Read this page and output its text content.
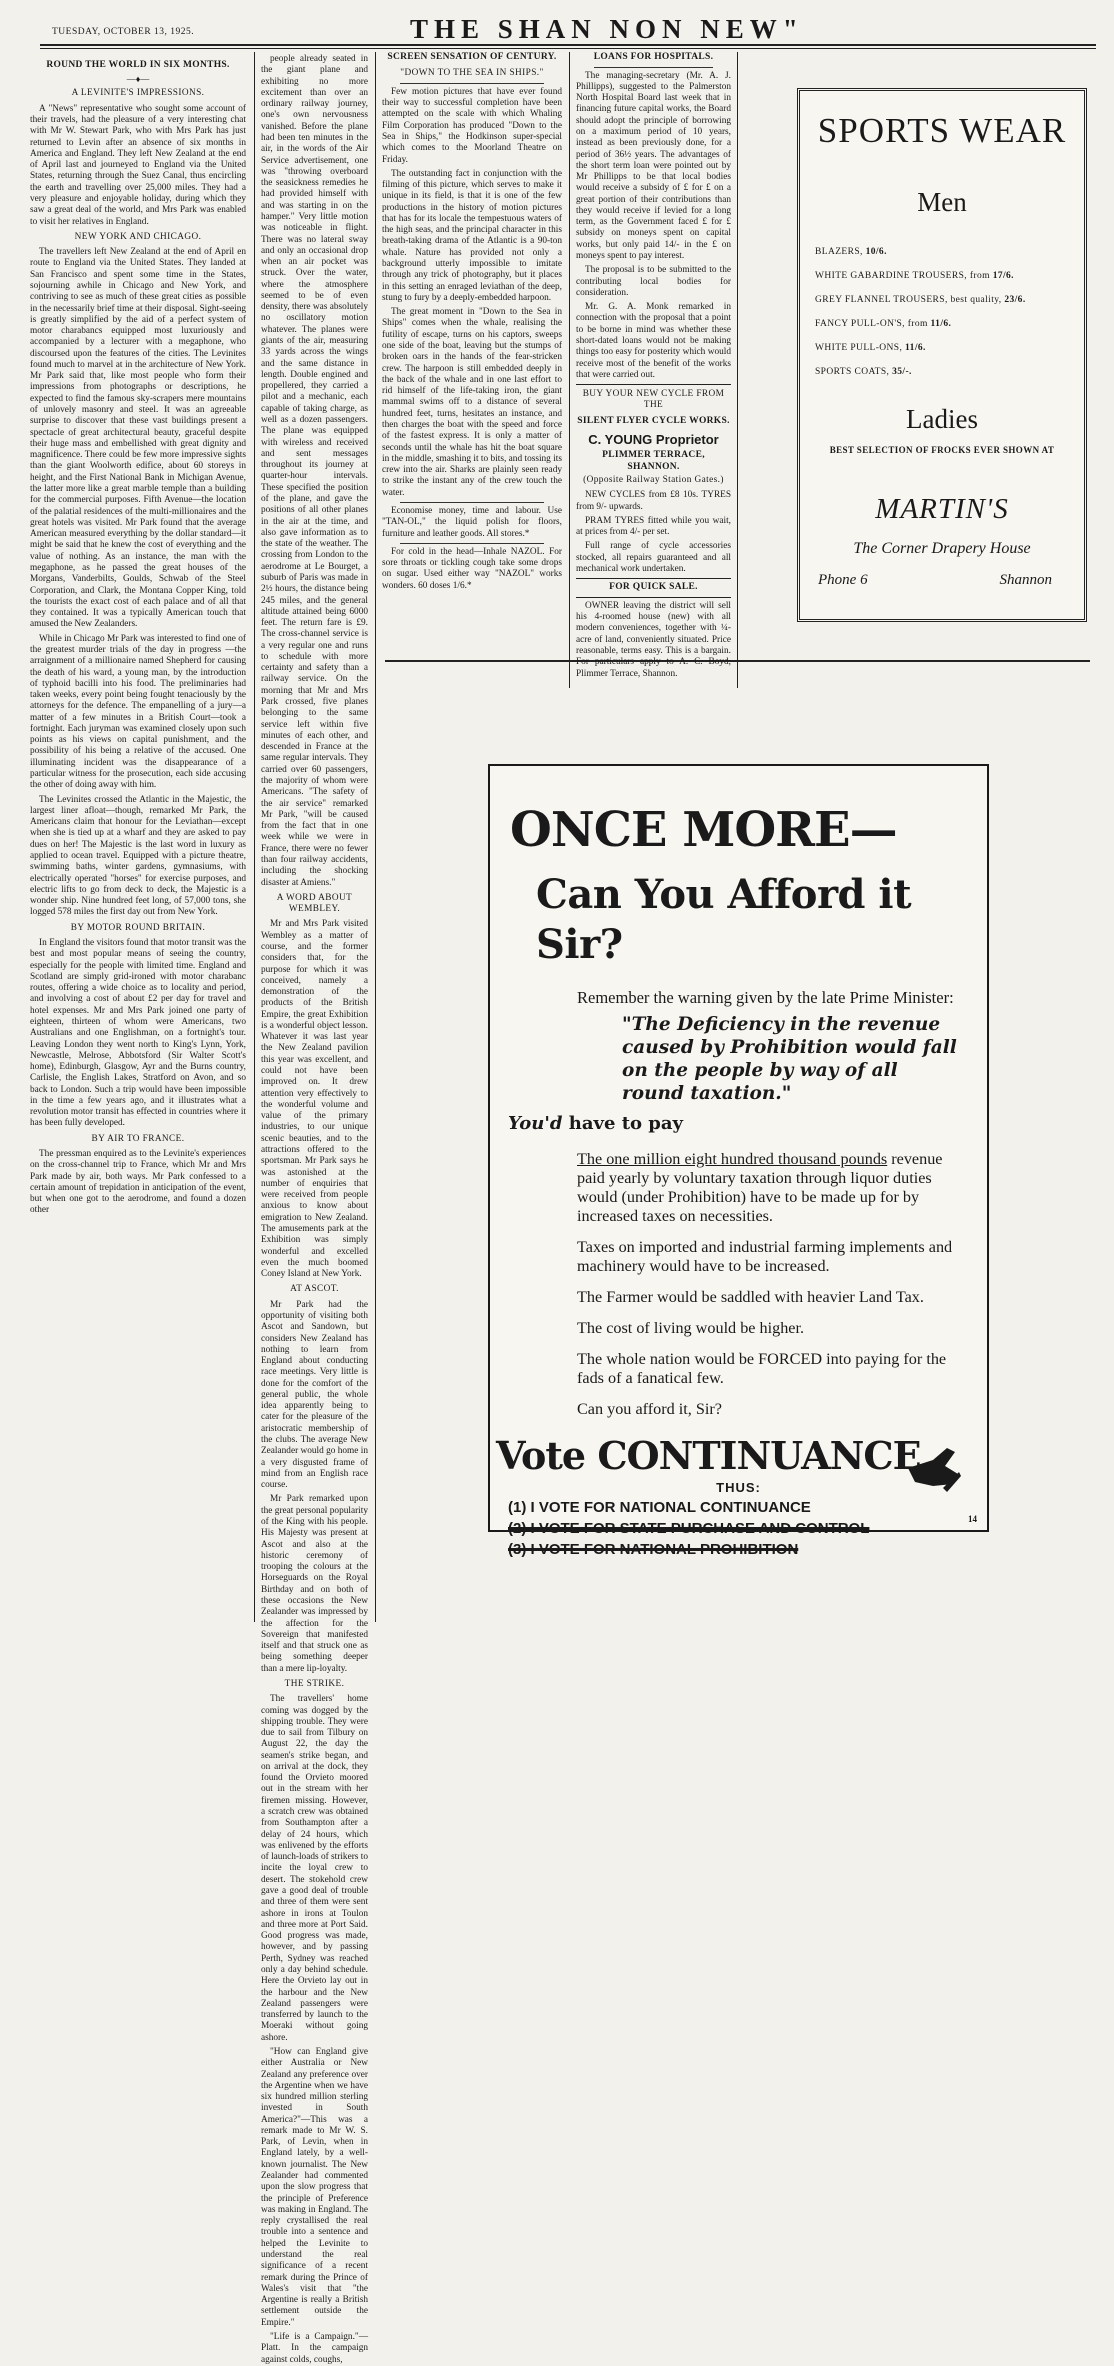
TUESDAY, OCTOBER 13, 1925.	THE SHAN NON NEW"
ROUND THE WORLD IN SIX MONTHS.
—♦—
A LEVINITE'S IMPRESSIONS.

A "News" representative who sought some account of their travels, had the pleasure of a very interesting chat with Mr W. Stewart Park, who with Mrs Park has just returned to Levin after an absence of six months in America and England. They left New Zealand at the end of April last and journeyed to England via the United States, returning through the Suez Canal, thus encircling the earth and travelling over 25,000 miles. They had a very pleasure and enjoyable holiday, during which they saw a great deal of the world, and Mrs Park was enabled to visit her relatives in England.

NEW YORK AND CHICAGO.

The travellers left New Zealand at the end of April en route to England via the United States. They landed at San Francisco and spent some time in the States, sojourning awhile in Chicago and New York, and contriving to see as much of these great cities as possible in the necessarily brief time at their disposal. Sight-seeing is greatly simplified by the aid of a perfect system of motor charabancs equipped most luxuriously and accompanied by a lecturer with a megaphone, who discoursed upon the features of the cities. The Levinites found much to marvel at in the architecture of New York. Mr Park said that, like most people who form their impressions from photographs or descriptions, he expected to find the famous sky-scrapers mere mountains of unlovely masonry and steel. It was an agreeable surprise to discover that these vast buildings present a spectacle of great architectural beauty, graceful despite their huge mass and embellished with great dignity and magnificence. There could be few more impressive sights than the giant Woolworth edifice, about 60 storeys in height, and the First National Bank in Michigan Avenue, the latter more like a great marble temple than a building for the commercial purposes. Fifth Avenue—the location of the palatial residences of the multi-millionaires and the great hotels was visited. Mr Park found that the average American measured everything by the dollar standard—it might be said that he knew the cost of everything and the value of nothing. As an instance, the man with the megaphone, as he passed the great houses of the Morgans, Vanderbilts, Goulds, Schwab of the Steel Corporation, and Clark, the Montana Copper King, told the tourists the exact cost of each palace and of all that they contained. It was a typically American touch that amused the New Zealanders.

While in Chicago Mr Park was interested to find one of the greatest murder trials of the day in progress —the arraignment of a millionaire named Shepherd for causing the death of his ward, a young man, by the introduction of typhoid bacilli into his food. The preliminaries had taken weeks, every point being fought tenaciously by the attorneys for the defence. The empanelling of a jury—a matter of a few minutes in a British Court—took a fortnight. Each juryman was examined closely upon such points as his views on capital punishment, and the possibility of his being a relative of the accused. One illuminating incident was the disappearance of a particular witness for the prosecution, each side accusing the other of doing away with him.

The Levinites crossed the Atlantic in the Majestic, the largest liner afloat—though, remarked Mr Park, the Americans claim that honour for the Leviathan—except when she is tied up at a wharf and they are asked to pay dues on her! The Majestic is the last word in luxury as applied to ocean travel. Equipped with a picture theatre, swimming baths, winter gardens, gymnasiums, with electrically operated "horses" for exercise purposes, and electric lifts to go from deck to deck, the Majestic is a wonder ship. Nine hundred feet long, of 57,000 tons, she logged 578 miles the first day out from New York.

BY MOTOR ROUND BRITAIN.

In England the visitors found that motor transit was the best and most popular means of seeing the country, especially for the people with limited time. England and Scotland are simply grid-ironed with motor charabanc routes, offering a wide choice as to locality and period, and involving a cost of about £2 per day for travel and hotel expenses. Mr and Mrs Park joined one party of eighteen, thirteen of whom were Americans, two Australians and one Englishman, on a fortnight's tour. Leaving London they went north to King's Lynn, York, Newcastle, Melrose, Abbotsford (Sir Walter Scott's home), Edinburgh, Glasgow, Ayr and the Burns country, Carlisle, the English Lakes, Stratford on Avon, and so back to London. Such a trip would have been impossible in the time a few years ago, and it illustrates what a revolution motor transit has effected in countries where it has been fully developed.

BY AIR TO FRANCE.

The pressman enquired as to the Levinite's experiences on the cross-channel trip to France, which Mr and Mrs Park made by air, both ways. Mr Park confessed to a certain amount of trepidation in anticipation of the event, but when one got to the aerodrome, and found a dozen other

people already seated in the giant plane and exhibiting no more excitement than over an ordinary railway journey, one's own nervousness vanished. Before the plane had been ten minutes in the air, in the words of the Air Service advertisement, one was "throwing overboard the seasickness remedies he had provided himself with and was starting in on the hamper." Very little motion was noticeable in flight. There was no lateral sway and only an occasional drop when an air pocket was struck. Over the water, where the atmosphere seemed to be of even density, there was absolutely no oscillatory motion whatever. The planes were giants of the air, measuring 33 yards across the wings and the same distance in length. Double engined and propellered, they carried a pilot and a mechanic, each capable of taking charge, as well as a dozen passengers. The plane was equipped with wireless and received and sent messages throughout its journey at quarter-hour intervals. These specified the position of the plane, and gave the positions of all other planes in the air at the time, and also gave information as to the state of the weather. The crossing from London to the aerodrome at Le Bourget, a suburb of Paris was made in 2½ hours, the distance being 245 miles, and the general altitude attained being 6000 feet. The return fare is £9. The cross-channel service is a very regular one and runs to schedule with more certainty and safety than a railway service. On the morning that Mr and Mrs Park crossed, five planes belonging to the same service left within five minutes of each other, and descended in France at the same regular intervals. They carried over 60 passengers, the majority of whom were Americans. "The safety of the air service" remarked Mr Park, "will be caused from the fact that in one week while we were in France, there were no fewer than four railway accidents, including the shocking disaster at Amiens."

A WORD ABOUT WEMBLEY.

Mr and Mrs Park visited Wembley as a matter of course, and the former considers that, for the purpose for which it was conceived, namely a demonstration of the products of the British Empire, the great Exhibition is a wonderful object lesson. Whatever it was last year the New Zealand pavilion this year was excellent, and could not have been improved on. It drew attention very effectively to the wonderful volume and value of the primary industries, to our unique scenic beauties, and to the attractions offered to the sportsman. Mr Park says he was astonished at the number of enquiries that were received from people anxious to know about emigration to New Zealand. The amusements park at the Exhibition was simply wonderful and excelled even the much boomed Coney Island at New York.

AT ASCOT.

Mr Park had the opportunity of visiting both Ascot and Sandown, but considers New Zealand has nothing to learn from England about conducting race meetings. Very little is done for the comfort of the general public, the whole idea apparently being to cater for the pleasure of the aristocratic membership of the clubs. The average New Zealander would go home in a very disgusted frame of mind from an English race course.

Mr Park remarked upon the great personal popularity of the King with his people. His Majesty was present at Ascot and also at the historic ceremony of trooping the colours at the Horseguards on the Royal Birthday and on both of these occasions the New Zealander was impressed by the affection for the Sovereign that manifested itself and that struck one as being something deeper than a mere lip-loyalty.

THE STRIKE.

The travellers' home coming was dogged by the shipping trouble. They were due to sail from Tilbury on August 22, the day the seamen's strike began, and on arrival at the dock, they found the Orvieto moored out in the stream with her firemen missing. However, a scratch crew was obtained from Southampton after a delay of 24 hours, which was enlivened by the efforts of launch-loads of strikers to incite the loyal crew to desert. The stokehold crew gave a good deal of trouble and three of them were sent ashore in irons at Toulon and three more at Port Said. Good progress was made, however, and by passing Perth, Sydney was reached only a day behind schedule. Here the Orvieto lay out in the harbour and the New Zealand passengers were transferred by launch to the Moeraki without going ashore.

"How can England give either Australia or New Zealand any preference over the Argentine when we have six hundred million sterling invested in South America?"—This was a remark made to Mr W. S. Park, of Levin, when in England lately, by a well-known journalist. The New Zealander had commented upon the slow progress that the principle of Preference was making in England. The reply crystallised the real trouble into a sentence and helped the Levinite to understand the real significance of a recent remark during the Prince of Wales's visit that "the Argentine is really a British settlement outside the Empire."

"Life is a Campaign."—Platt. In the campaign against colds, coughs,

SCREEN SENSATION OF CENTURY.
"DOWN TO THE SEA IN SHIPS."

Few motion pictures that have ever found their way to successful completion have been attempted on the scale with which Whaling Film Corporation has produced "Down to the Sea in Ships," the Hodkinson super-special which comes to the Moorland Theatre on Friday.

The outstanding fact in conjunction with the filming of this picture, which serves to make it unique in its field, is that it is one of the few productions in the history of motion pictures that has for its locale the tempestuous waters of the high seas, and the principal character in this breath-taking drama of the Atlantic is a 90-ton whale. Nature has provided not only a background utterly impossible to imitate through any trick of photography, but it places in this setting an enraged leviathan of the deep, stung to fury by a deeply-embedded harpoon.

The great moment in "Down to the Sea in Ships" comes when the whale, realising the futility of escape, turns on his captors, sweeps one side of the boat, leaving but the stumps of broken oars in the hands of the fear-stricken crew. The harpoon is still embedded deeply in the back of the whale and in one last effort to rid himself of the life-taking iron, the giant mammal swims off to a distance of several hundred feet, turns, hesitates an instance, and then charges the boat with the speed and force of the fastest express. It is only a matter of seconds until the whale has hit the boat square in the middle, smashing it to bits, and tossing its crew into the air. Sharks are plainly seen ready to strike the instant any of the crew touch the water.

Economise money, time and labour. Use "TAN-OL," the liquid polish for floors, furniture and leather goods. All stores.*

For cold in the head—Inhale NAZOL. For sore throats or tickling cough take some drops on sugar. Used either way "NAZOL" works wonders. 60 doses 1/6.*

LOANS FOR HOSPITALS.

The managing-secretary (Mr. A. J. Phillipps), suggested to the Palmerston North Hospital Board last week that in financing future capital works, the Board should adopt the principle of borrowing on a maximum period of 10 years, instead as been previously done, for a period of 36½ years. The advantages of the short term loan were pointed out by Mr Phillipps to be that local bodies would receive a subsidy of £ for £ on a great portion of their contributions than they would receive if levied for a long term, as the Government faced £ for £ subsidy on moneys spent on capital works, but only paid 14/- in the £ on moneys spent to pay interest.

The proposal is to be submitted to the contributing local bodies for consideration.

Mr. G. A. Monk remarked in connection with the proposal that a point to be borne in mind was whether these short-dated loans would not be making things too easy for posterity which would receive most of the benefit of the works that were carried out.

BUY YOUR NEW CYCLE FROM THE
SILENT FLYER CYCLE WORKS.
C. YOUNG Proprietor
PLIMMER TERRACE, SHANNON.
(Opposite Railway Station Gates.)

NEW CYCLES from £8 10s. TYRES from 9/- upwards.

PRAM TYRES fitted while you wait, at prices from 4/- per set.

Full range of cycle accessories stocked, all repairs guaranteed and all mechanical work undertaken.

FOR QUICK SALE.

OWNER leaving the district will sell his 4-roomed house (new) with all modern conveniences, together with ¼-acre of land, conveniently situated. Price reasonable, terms easy. This is a bargain. For particulars apply to A. C. Boyd, Plimmer Terrace, Shannon.

SPORTS WEAR
Men
BLAZERS, 10/6.
WHITE GABARDINE TROUSERS, from 17/6.
GREY FLANNEL TROUSERS, best quality, 23/6.
FANCY PULL-ON'S, from 11/6.
WHITE PULL-ONS, 11/6.
SPORTS COATS, 35/-.
Ladies
BEST SELECTION OF FROCKS EVER SHOWN AT
MARTIN'S
The Corner Drapery House
Phone 6	Shannon
ONCE MORE—
Can You Afford it
Sir?
Remember the warning given by the late Prime Minister:
"The Deficiency in the revenue caused by Prohibition would fall on the people by way of all round taxation."
You'd have to pay
The one million eight hundred thousand pounds revenue paid yearly by voluntary taxation through liquor duties would (under Prohibition) have to be made up for by increased taxes on necessities.
Taxes on imported and industrial farming implements and machinery would have to be increased.
The Farmer would be saddled with heavier Land Tax.
The cost of living would be higher.
The whole nation would be FORCED into paying for the fads of a fanatical few.
Can you afford it, Sir?
Vote CONTINUANCE
THUS:
(1) I VOTE FOR NATIONAL CONTINUANCE
(2) I VOTE FOR STATE PURCHASE AND CONTROL
(3) I VOTE FOR NATIONAL PROHIBITION
14
